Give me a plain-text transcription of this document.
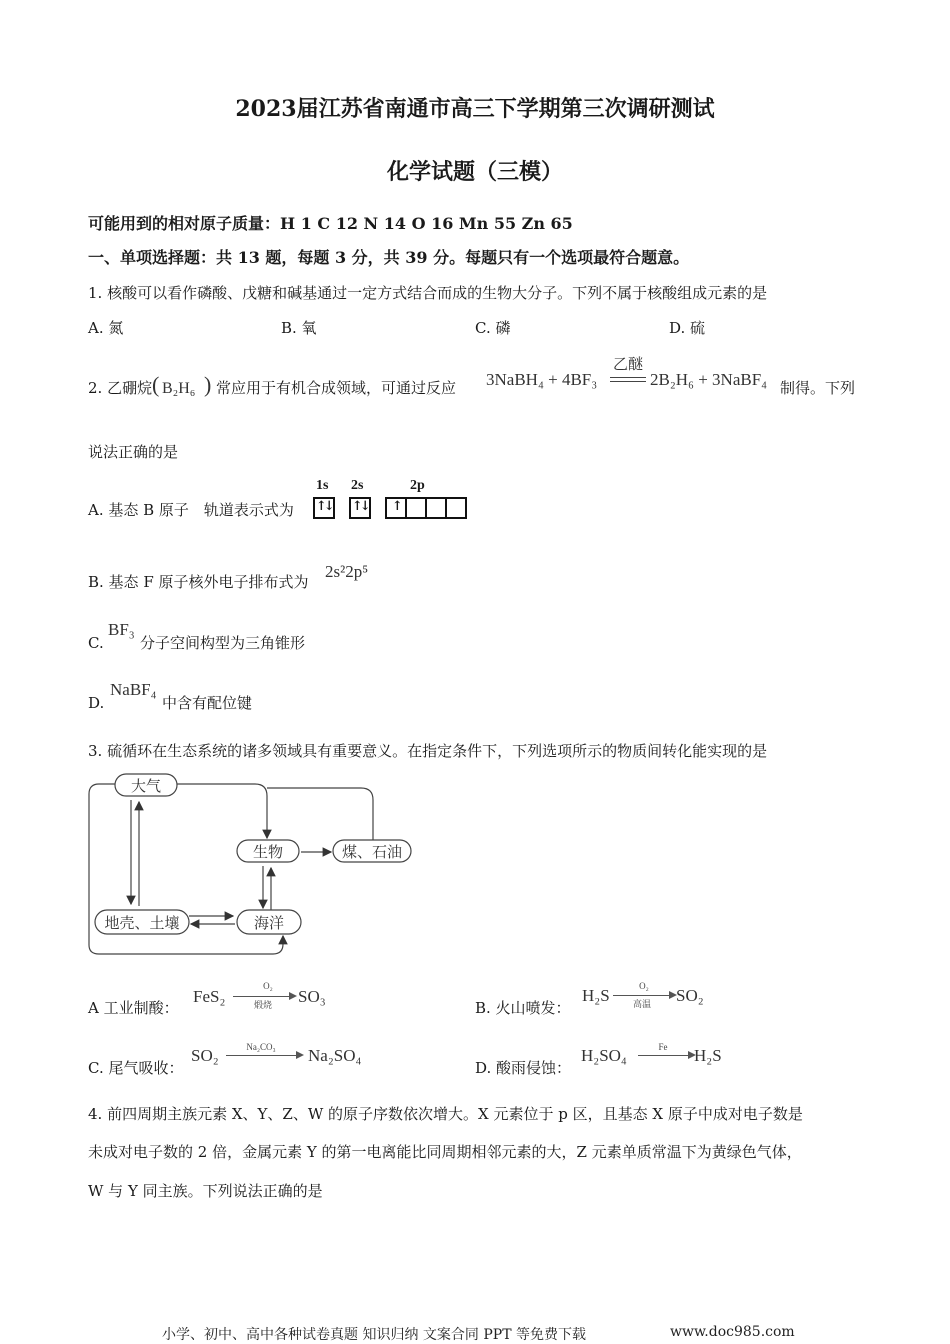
2023届江苏省南通市高三下学期第三次调研测试
化学试题（三模）
可能用到的相对原子质量：H 1 C 12 N 14 O 16 Mn 55 Zn 65
一、单项选择题：共 13 题，每题 3 分，共 39 分。每题只有一个选项最符合题意。
1. 核酸可以看作磷酸、戊糖和碱基通过一定方式结合而成的生物大分子。下列不属于核酸组成元素的是
A. 氮	B. 氧	C. 磷	D. 硫
2. 乙硼烷 ( B₂H₆ ) 常应用于有机合成领域，可通过反应 3NaBH₄ + 4BF₃
乙醚
2B₂H₆ + 3NaBF₄ 制得。下列
说法正确的是
A. 基态 B 原子　轨道表示式为
1s 2s	2p
↑↓ ↑↓ ↑
B. 基态 F 原子核外电子排布式为
2s²2p⁵
C.
BF₃
分子空间构型为三角锥形
D.
NaBF₄
中含有配位键
3. 硫循环在生态系统的诸多领域具有重要意义。在指定条件下，下列选项所示的物质间转化能实现的是
大气
生物	煤、石油
地壳、土壤	海洋
A 工业制酸：
FeS₂
O₂
煅烧	SO₃
B. 火山喷发：
H₂S	O₂
高温	SO₂
C. 尾气吸收：
SO₂	Na₂CO₃	Na₂SO₄
D. 酸雨侵蚀：
H₂SO₄	Fe	H₂S
4. 前四周期主族元素 X、Y、Z、W 的原子序数依次增大。X 元素位于 p 区，且基态 X 原子中成对电子数是
未成对电子数的 2 倍，金属元素 Y 的第一电离能比同周期相邻元素的大，Z 元素单质常温下为黄绿色气体，
W 与 Y 同主族。下列说法正确的是
小学、初中、高中各种试卷真题 知识归纳 文案合同 PPT 等免费下载	www.doc985.com
